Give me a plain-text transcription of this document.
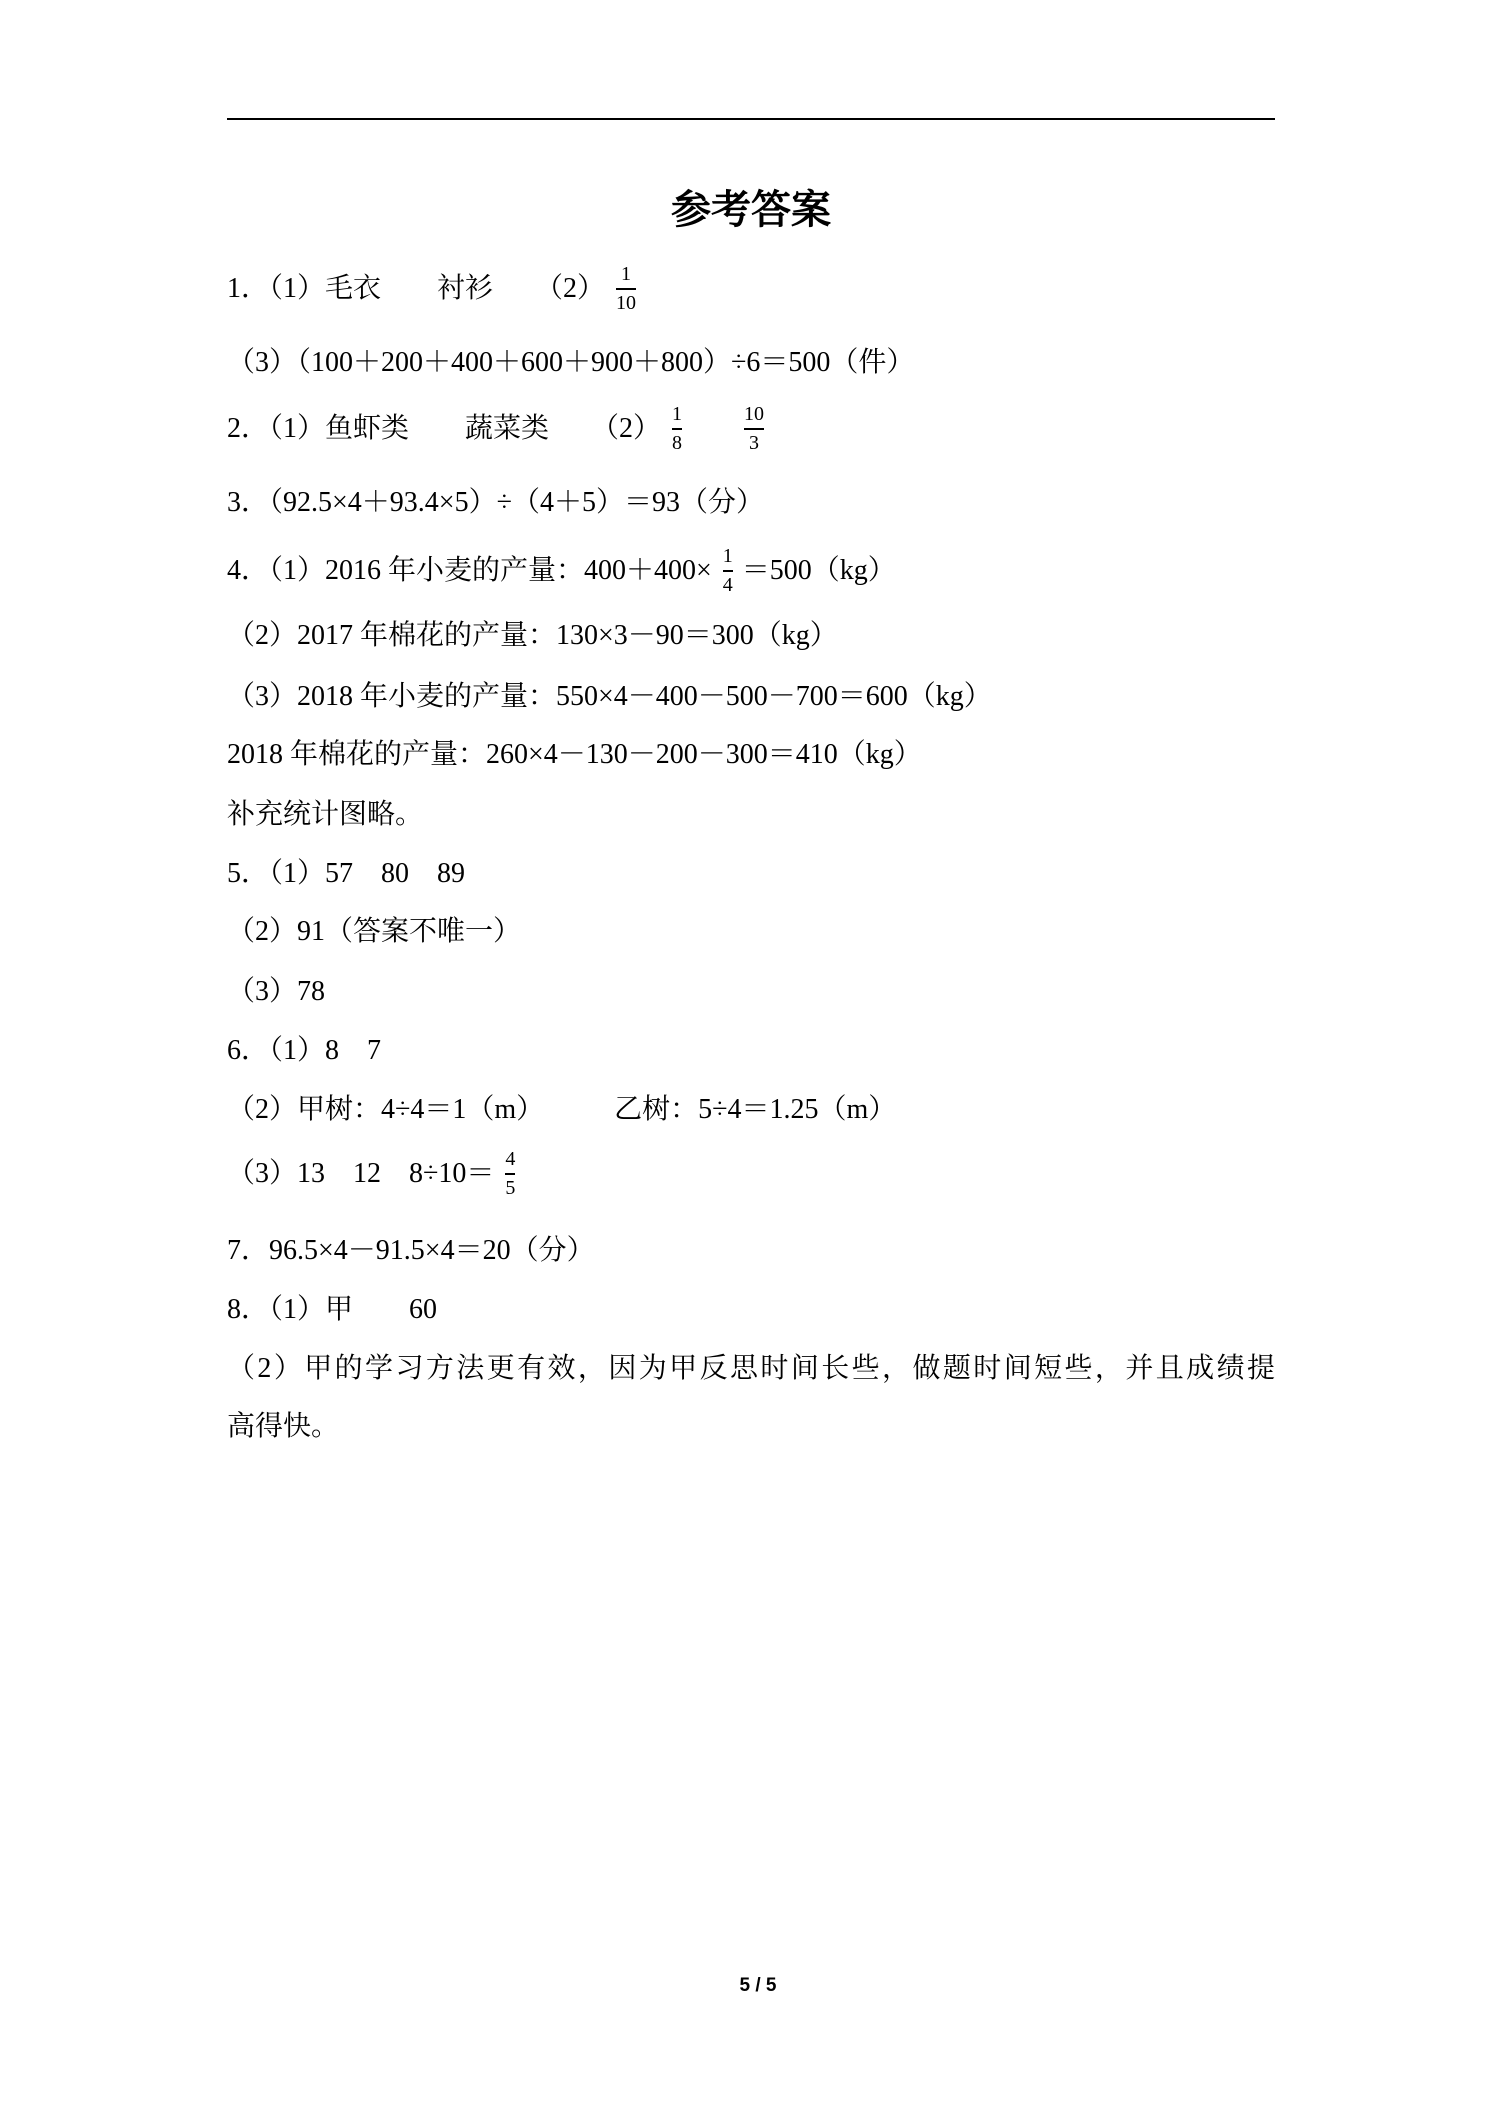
参考答案
1．（1）毛衣　　衬衫　　$(2) \frac{1}{10}$
（3）（100＋200＋400＋600＋900＋800）÷6＝500（件）
2．（1）鱼虾类　　蔬菜类　　$(2) \frac{1}{8}$	$\frac{10}{3}$
3．（92.5×4＋93.4×5）÷（4＋5）＝93（分）
4．（1）2016 年小麦的产量：$400+400\times \frac{1}{4} =500(kg)$
（2）2017 年棉花的产量：130×3－90＝300（kg）
（3）2018 年小麦的产量：550×4－400－500－700＝600（kg）
2018 年棉花的产量：260×4－130－200－300＝410（kg）
补充统计图略。
5．（1）57　80　89
（2）91（答案不唯一）
（3）78
6．（1）8　7
（2）甲树：4÷4＝1（m）　　　乙树：5÷4＝1.25（m）
（3）13　12　$8\div 10= \frac{4}{5}$
7．96.5×4－91.5×4＝20（分）
8．（1）甲　　60
（2）甲的学习方法更有效，因为甲反思时间长些，做题时间短些，并且成绩提
高得快。
5 / 5
